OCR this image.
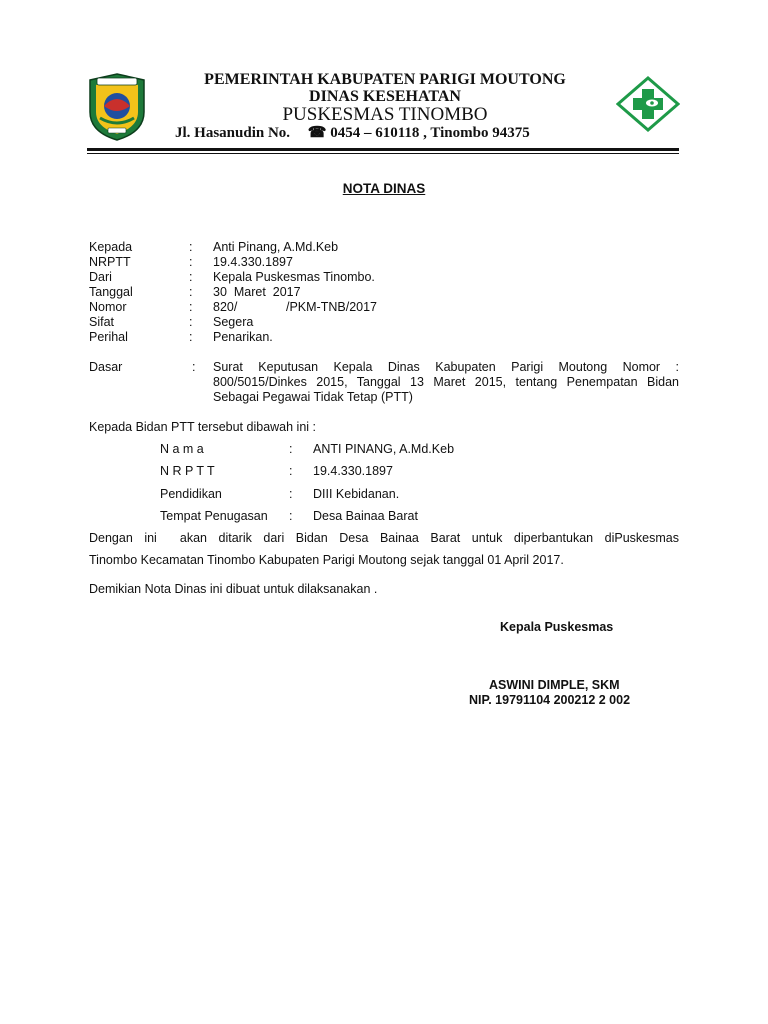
PEMERINTAH KABUPATEN PARIGI MOUTONG
DINAS KESEHATAN
PUSKESMAS TINOMBO
Jl. Hasanudin No. ☎ 0454 – 610118 , Tinombo 94375
NOTA DINAS
Kepada	: Anti Pinang, A.Md.Keb
NRPTT	: 19.4.330.1897
Dari	: Kepala Puskesmas Tinombo.
Tanggal	: 30  Maret  2017
Nomor	: 820/	/PKM-TNB/2017
Sifat	: Segera
Perihal	: Penarikan.
Dasar	: Surat Keputusan Kepala Dinas Kabupaten Parigi Moutong Nomor :
800/5015/Dinkes 2015, Tanggal 13 Maret 2015, tentang Penempatan Bidan
Sebagai Pegawai Tidak Tetap (PTT)
Kepada Bidan PTT tersebut dibawah ini :
N a m a	: ANTI PINANG, A.Md.Keb
N R P T T	: 19.4.330.1897
Pendidikan	: DIII Kebidanan.
Tempat Penugasan : Desa Bainaa Barat
Dengan ini  akan ditarik dari Bidan Desa Bainaa Barat untuk diperbantukan diPuskesmas
Tinombo Kecamatan Tinombo Kabupaten Parigi Moutong sejak tanggal 01 April 2017.
Demikian Nota Dinas ini dibuat untuk dilaksanakan .
Kepala Puskesmas
ASWINI DIMPLE, SKM
NIP. 19791104 200212 2 002
